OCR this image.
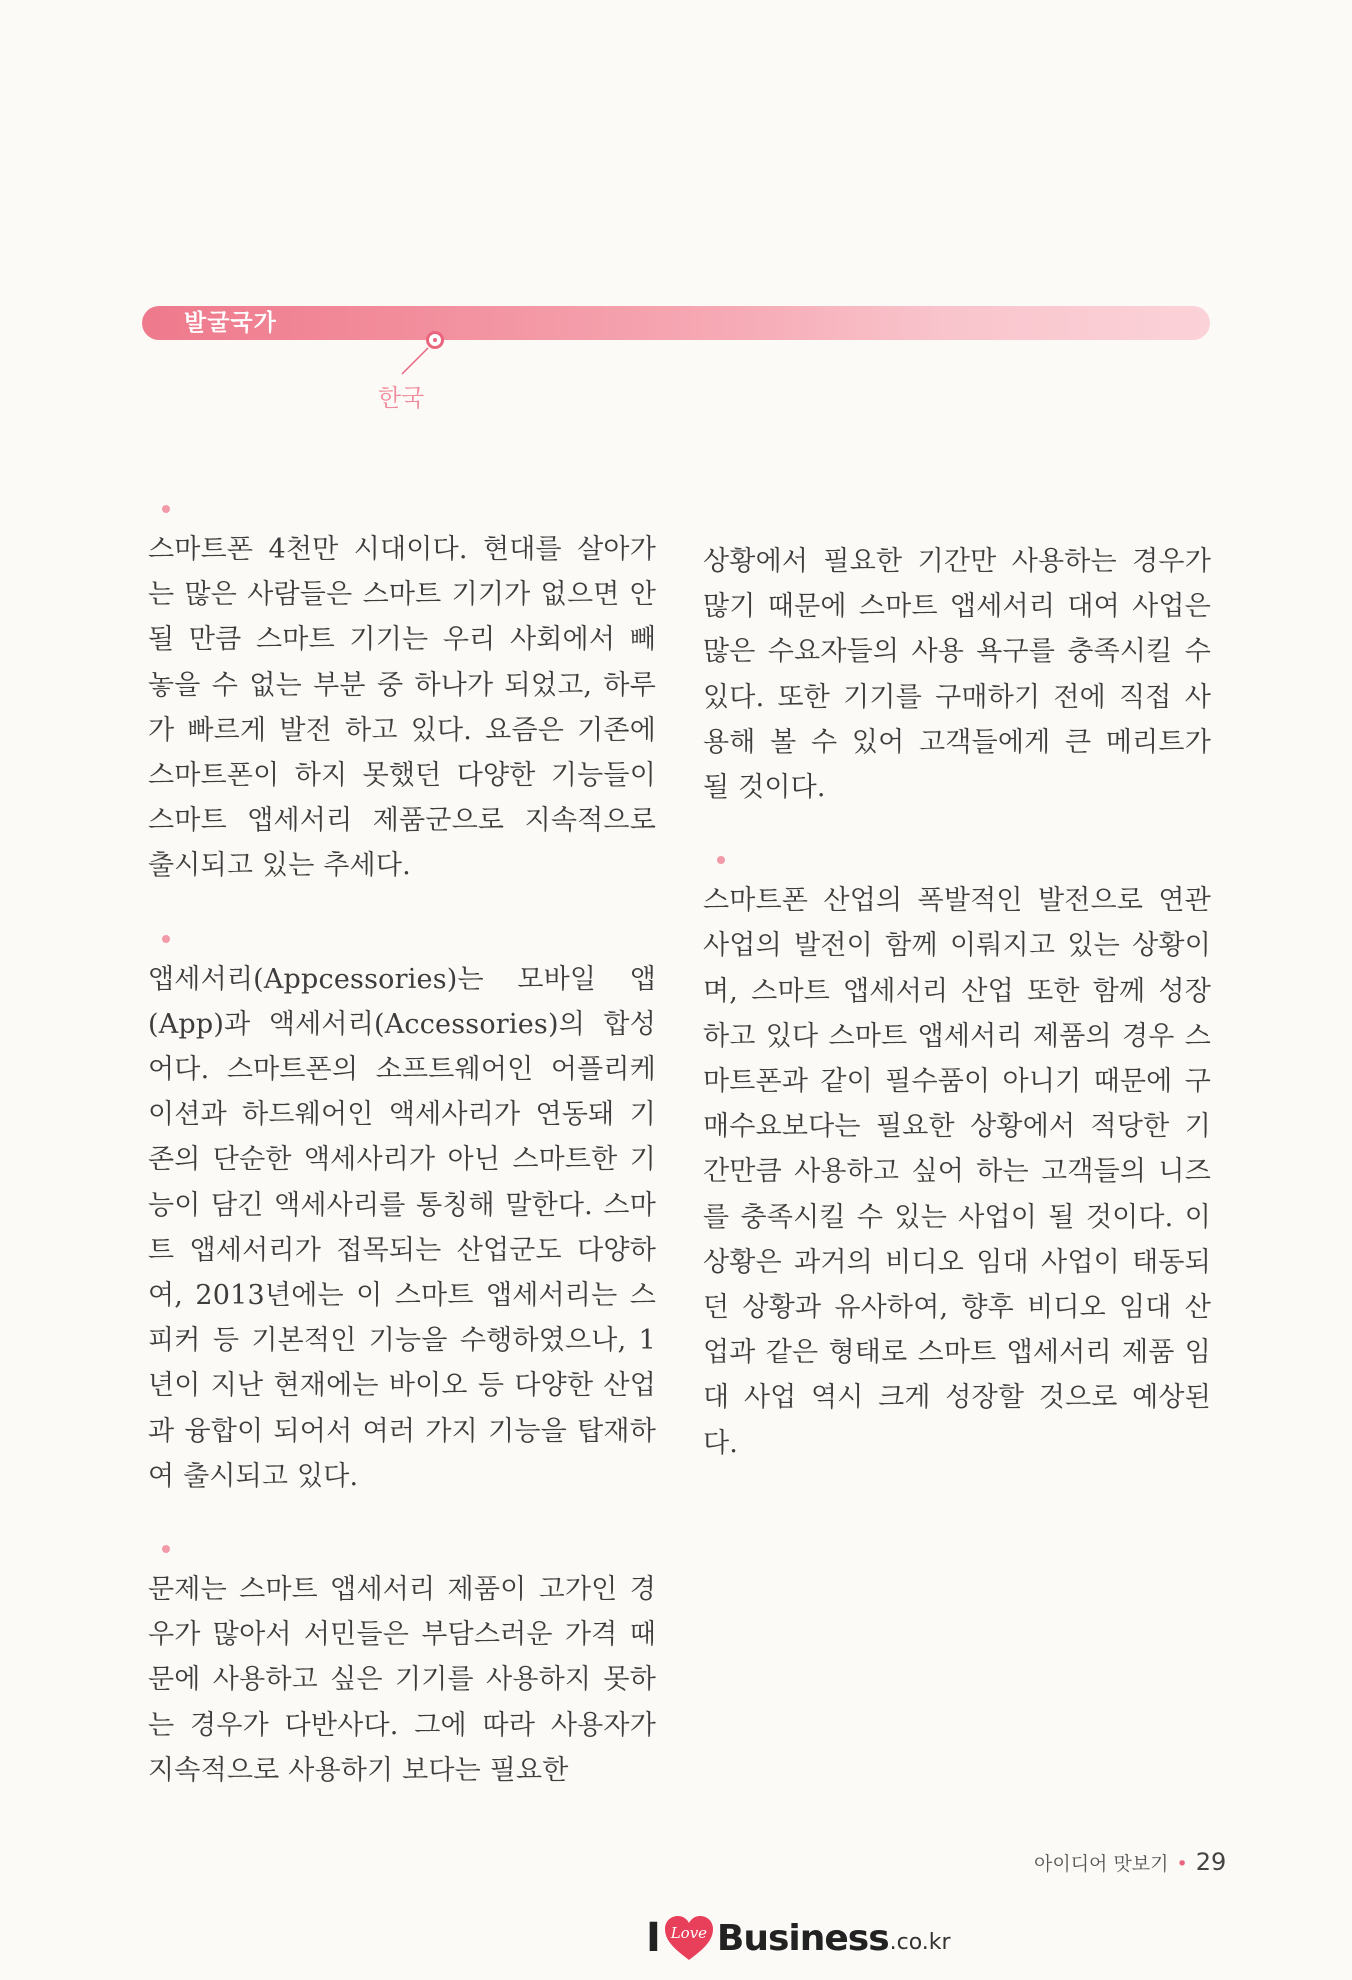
발굴국가
한국

스마트폰 4천만 시대이다. 현대를 살아가는 많은 사람들은 스마트 기기가 없으면 안 될 만큼 스마트 기기는 우리 사회에서 빼 놓을 수 없는 부분 중 하나가 되었고, 하루가 빠르게 발전 하고 있다. 요즘은 기존에 스마트폰이 하지 못했던 다양한 기능들이 스마트 앱세서리 제품군으로 지속적으로 출시되고 있는 추세다.

앱세서리(Appcessories)는 모바일 앱(App)과 액세서리(Accessories)의 합성어다. 스마트폰의 소프트웨어인 어플리케이션과 하드웨어인 액세사리가 연동돼 기존의 단순한 액세사리가 아닌 스마트한 기능이 담긴 액세사리를 통칭해 말한다. 스마트 앱세서리가 접목되는 산업군도 다양하여, 2013년에는 이 스마트 앱세서리는 스피커 등 기본적인 기능을 수행하였으나, 1년이 지난 현재에는 바이오 등 다양한 산업과 융합이 되어서 여러 가지 기능을 탑재하여 출시되고 있다.

문제는 스마트 앱세서리 제품이 고가인 경우가 많아서 서민들은 부담스러운 가격 때문에 사용하고 싶은 기기를 사용하지 못하는 경우가 다반사다. 그에 따라 사용자가 지속적으로 사용하기 보다는 필요한

상황에서 필요한 기간만 사용하는 경우가 많기 때문에 스마트 앱세서리 대여 사업은 많은 수요자들의 사용 욕구를 충족시킬 수 있다. 또한 기기를 구매하기 전에 직접 사용해 볼 수 있어 고객들에게 큰 메리트가 될 것이다.

스마트폰 산업의 폭발적인 발전으로 연관 사업의 발전이 함께 이뤄지고 있는 상황이며, 스마트 앱세서리 산업 또한 함께 성장하고 있다 스마트 앱세서리 제품의 경우 스마트폰과 같이 필수품이 아니기 때문에 구매수요보다는 필요한 상황에서 적당한 기간만큼 사용하고 싶어 하는 고객들의 니즈를 충족시킬 수 있는 사업이 될 것이다. 이 상황은 과거의 비디오 임대 사업이 태동되던 상황과 유사하여, 향후 비디오 임대 산업과 같은 형태로 스마트 앱세서리 제품 임대 사업 역시 크게 성장할 것으로 예상된다.

아이디어 맛보기 • 29
I Love Business .co.kr
